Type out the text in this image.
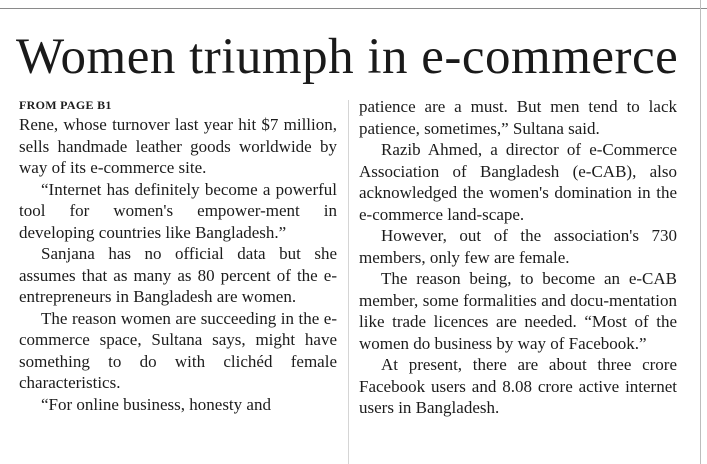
Women triumph in e-commerce
FROM PAGE B1

Rene, whose turnover last year hit $7 million, sells handmade leather goods worldwide by way of its e-commerce site.

“Internet has definitely become a powerful tool for women's empower-ment in developing countries like Bangladesh.”

Sanjana has no official data but she assumes that as many as 80 percent of the e-entrepreneurs in Bangladesh are women.

The reason women are succeeding in the e-commerce space, Sultana says, might have something to do with clichéd female characteristics.

“For online business, honesty and

patience are a must. But men tend to lack patience, sometimes,” Sultana said.

Razib Ahmed, a director of e-Commerce Association of Bangladesh (e-CAB), also acknowledged the women's domination in the e-commerce land-scape.

However, out of the association's 730 members, only few are female.

The reason being, to become an e-CAB member, some formalities and docu-mentation like trade licences are needed. “Most of the women do business by way of Facebook.”

At present, there are about three crore Facebook users and 8.08 crore active internet users in Bangladesh.
